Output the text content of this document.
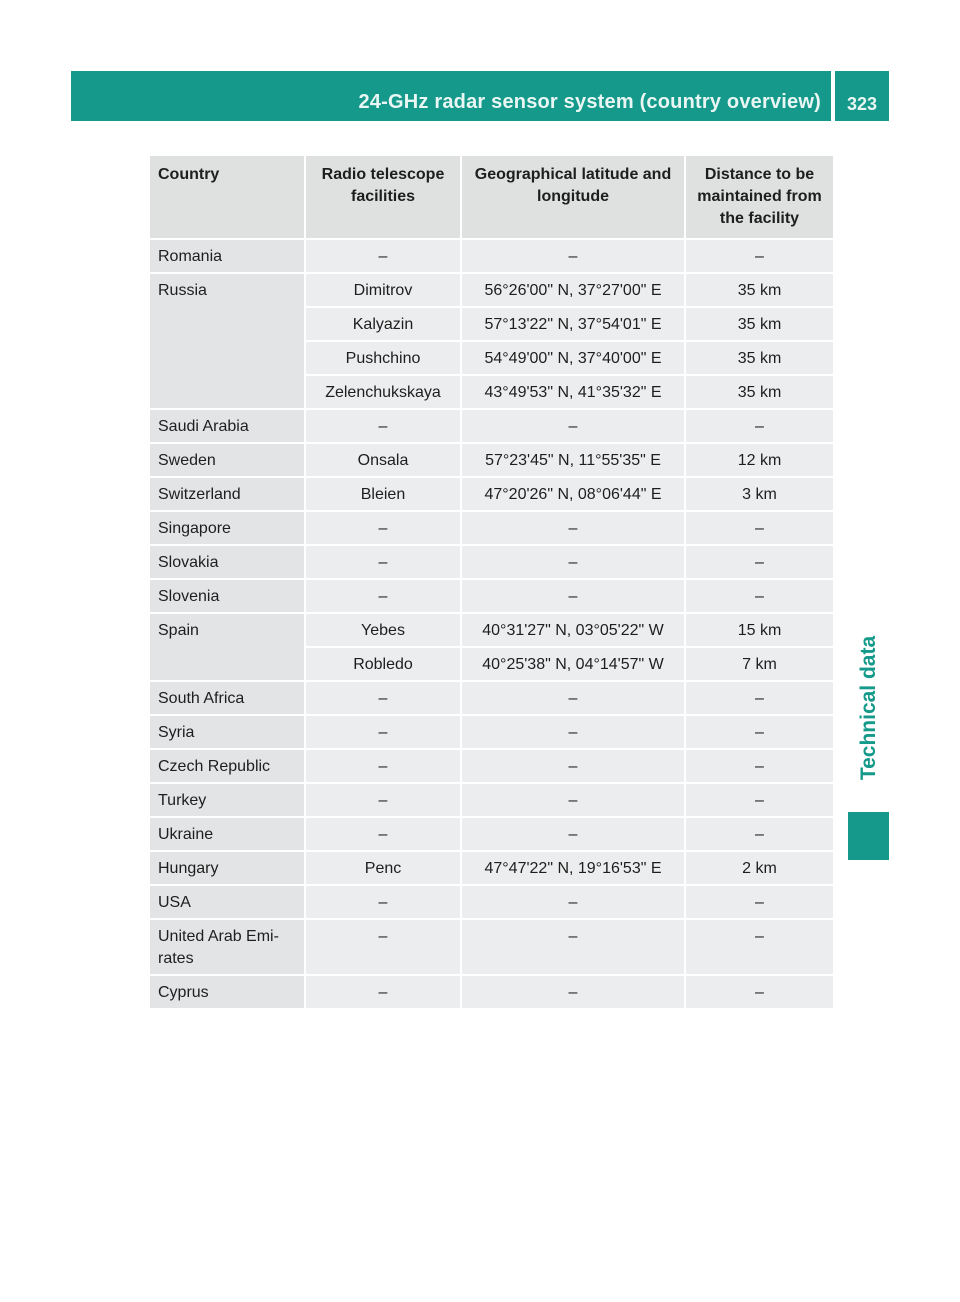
24-GHz radar sensor system (country overview)	323
Technical data
Country	Radio telescope facilities	Geographical latitude and longitude	Distance to be maintained from the facility
Romania	–	–	–
Russia	Dimitrov	56°26'00" N, 37°27'00" E	35 km
	Kalyazin	57°13'22" N, 37°54'01" E	35 km
	Pushchino	54°49'00" N, 37°40'00" E	35 km
	Zelenchukskaya	43°49'53" N, 41°35'32" E	35 km
Saudi Arabia	–	–	–
Sweden	Onsala	57°23'45" N, 11°55'35" E	12 km
Switzerland	Bleien	47°20'26" N, 08°06'44" E	3 km
Singapore	–	–	–
Slovakia	–	–	–
Slovenia	–	–	–
Spain	Yebes	40°31'27" N, 03°05'22" W	15 km
	Robledo	40°25'38" N, 04°14'57" W	7 km
South Africa	–	–	–
Syria	–	–	–
Czech Republic	–	–	–
Turkey	–	–	–
Ukraine	–	–	–
Hungary	Penc	47°47'22" N, 19°16'53" E	2 km
USA	–	–	–
United Arab Emi-
rates	–	–	–
Cyprus	–	–	–
